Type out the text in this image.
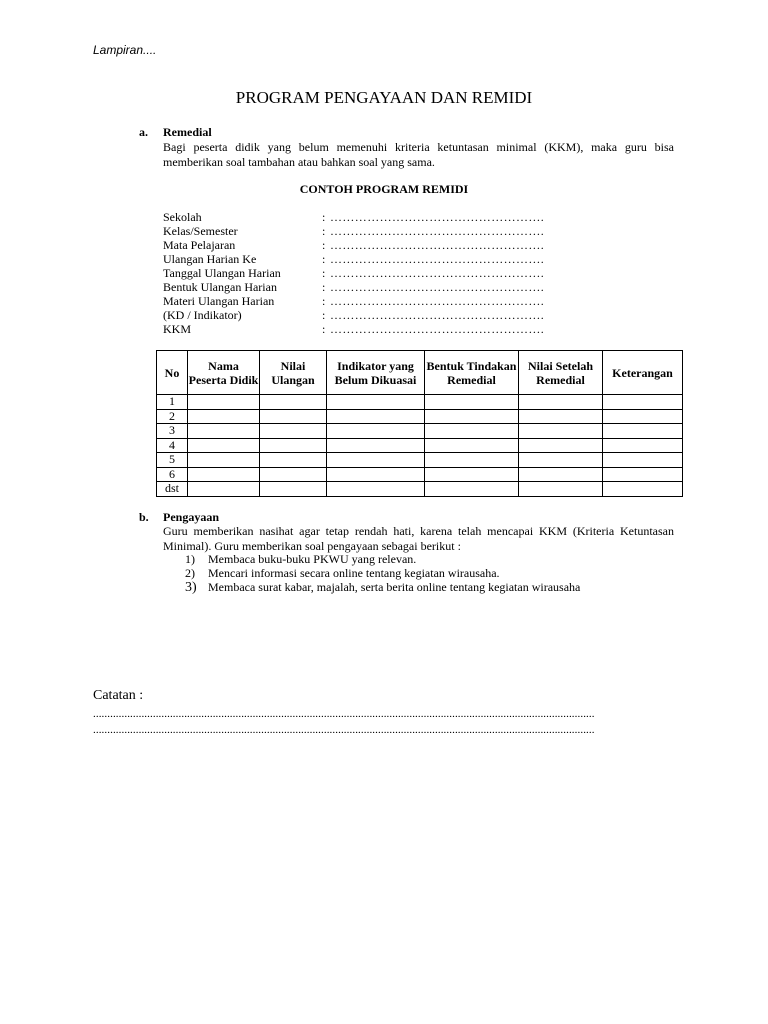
Lampiran....
PROGRAM PENGAYAAN DAN REMIDI
a. Remedial
Bagi peserta didik yang belum memenuhi kriteria ketuntasan minimal (KKM), maka guru bisa memberikan soal tambahan atau bahkan soal yang sama.
CONTOH PROGRAM REMIDI
Sekolah	: …………………………………………….
Kelas/Semester	: …………………………………………….
Mata Pelajaran	: …………………………………………….
Ulangan Harian Ke	: …………………………………………….
Tanggal Ulangan Harian	: …………………………………………….
Bentuk Ulangan Harian	: …………………………………………….
Materi Ulangan Harian	: …………………………………………….
(KD / Indikator)	: …………………………………………….
KKM	: …………………………………………….
No	Nama Peserta Didik	Nilai Ulangan	Indikator yang Belum Dikuasai	Bentuk Tindakan Remedial	Nilai Setelah Remedial	Keterangan
1						
2						
3						
4						
5						
6						
dst						
b. Pengayaan
Guru memberikan nasihat agar tetap rendah hati, karena telah mencapai KKM (Kriteria Ketuntasan Minimal). Guru memberikan soal pengayaan sebagai berikut :
1) Membaca buku-buku PKWU yang relevan.
2) Mencari informasi secara online tentang kegiatan wirausaha.
3) Membaca surat kabar, majalah, serta berita online tentang kegiatan wirausaha
Catatan :
................................................................................................................................................................................
................................................................................................................................................................................
